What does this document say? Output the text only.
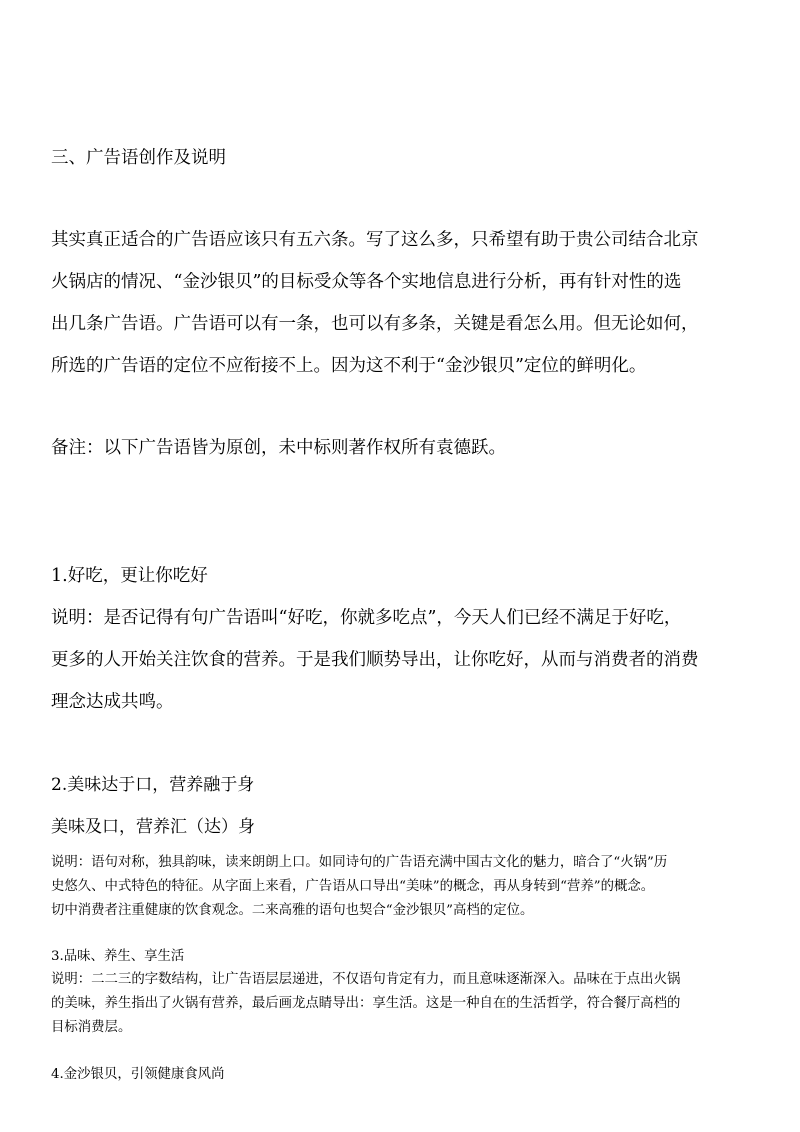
三、广告语创作及说明

其实真正适合的广告语应该只有五六条。写了这么多，只希望有助于贵公司结合北京

火锅店的情况、“金沙银贝”的目标受众等各个实地信息进行分析，再有针对性的选

出几条广告语。广告语可以有一条，也可以有多条，关键是看怎么用。但无论如何，

所选的广告语的定位不应衔接不上。因为这不利于“金沙银贝”定位的鲜明化。

备注：以下广告语皆为原创，未中标则著作权所有袁德跃。

1.好吃，更让你吃好

说明：是否记得有句广告语叫“好吃，你就多吃点”，今天人们已经不满足于好吃，

更多的人开始关注饮食的营养。于是我们顺势导出，让你吃好，从而与消费者的消费

理念达成共鸣。

2.美味达于口，营养融于身

美味及口，营养汇（达）身

说明：语句对称，独具韵味，读来朗朗上口。如同诗句的广告语充满中国古文化的魅力，暗合了“火锅”历

史悠久、中式特色的特征。从字面上来看，广告语从口导出“美味”的概念，再从身转到“营养”的概念。

切中消费者注重健康的饮食观念。二来高雅的语句也契合“金沙银贝”高档的定位。

3.品味、养生、享生活

说明：二二三的字数结构，让广告语层层递进，不仅语句肯定有力，而且意味逐渐深入。品味在于点出火锅

的美味，养生指出了火锅有营养，最后画龙点睛导出：享生活。这是一种自在的生活哲学，符合餐厅高档的

目标消费层。

4.金沙银贝，引领健康食风尚
